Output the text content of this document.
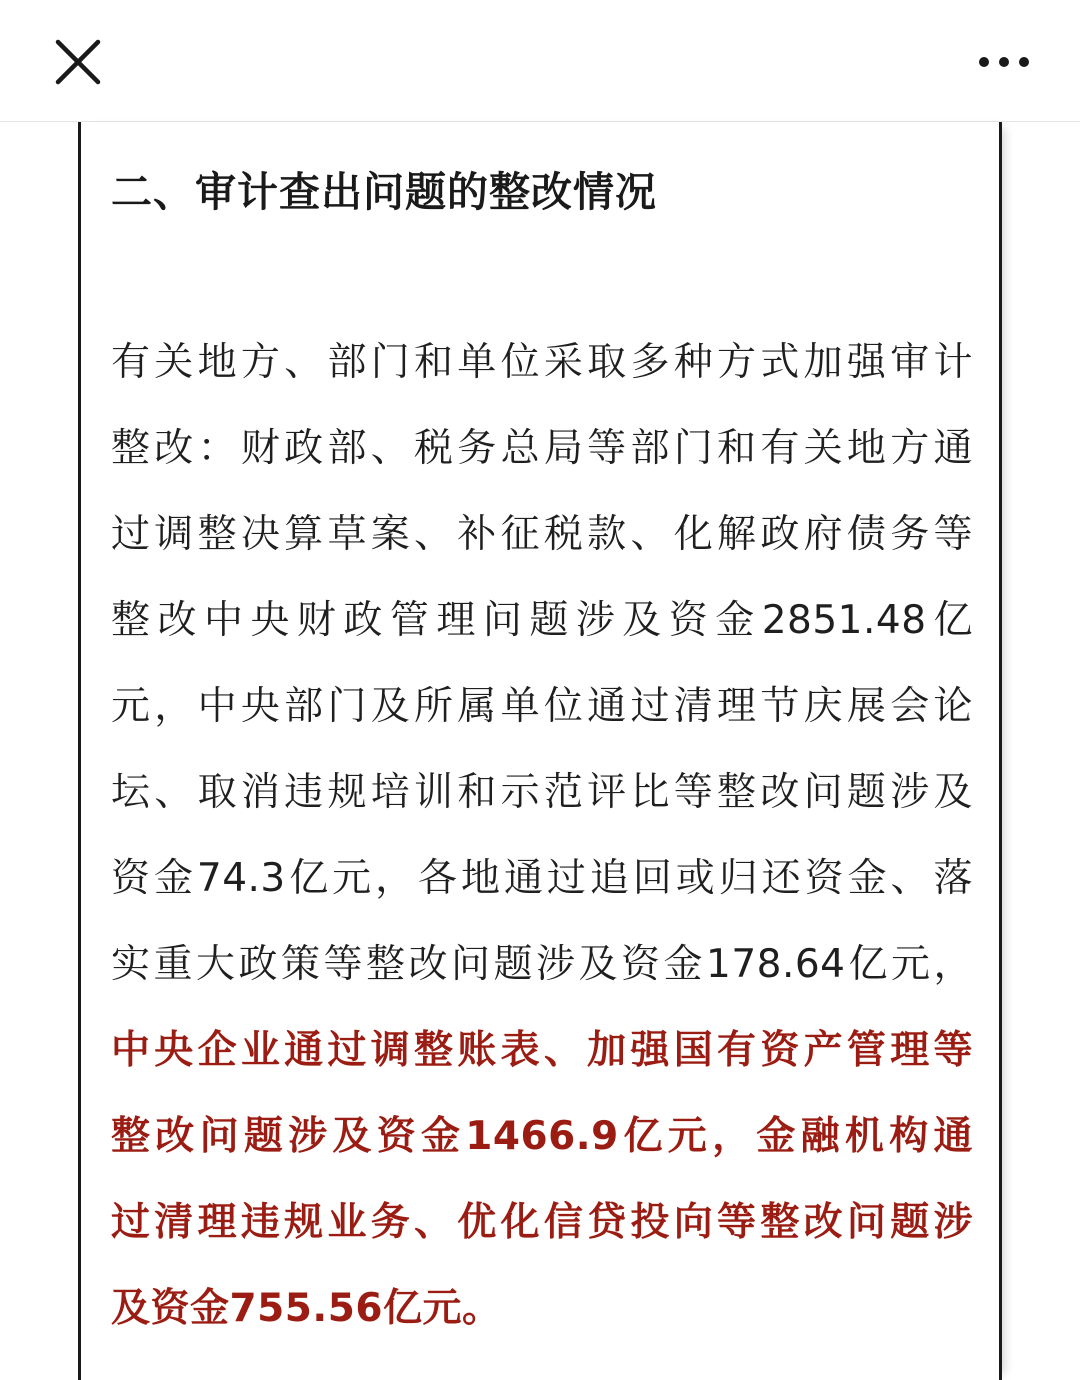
二、审计查出问题的整改情况
有关地方、部门和单位采取多种方式加强审计
整改：财政部、税务总局等部门和有关地方通
过调整决算草案、补征税款、化解政府债务等
整改中央财政管理问题涉及资金2851.48亿
元，中央部门及所属单位通过清理节庆展会论
坛、取消违规培训和示范评比等整改问题涉及
资金74.3亿元，各地通过追回或归还资金、落
实重大政策等整改问题涉及资金178.64亿元，
中央企业通过调整账表、加强国有资产管理等
整改问题涉及资金1466.9亿元，金融机构通
过清理违规业务、优化信贷投向等整改问题涉
及资金755.56亿元。
